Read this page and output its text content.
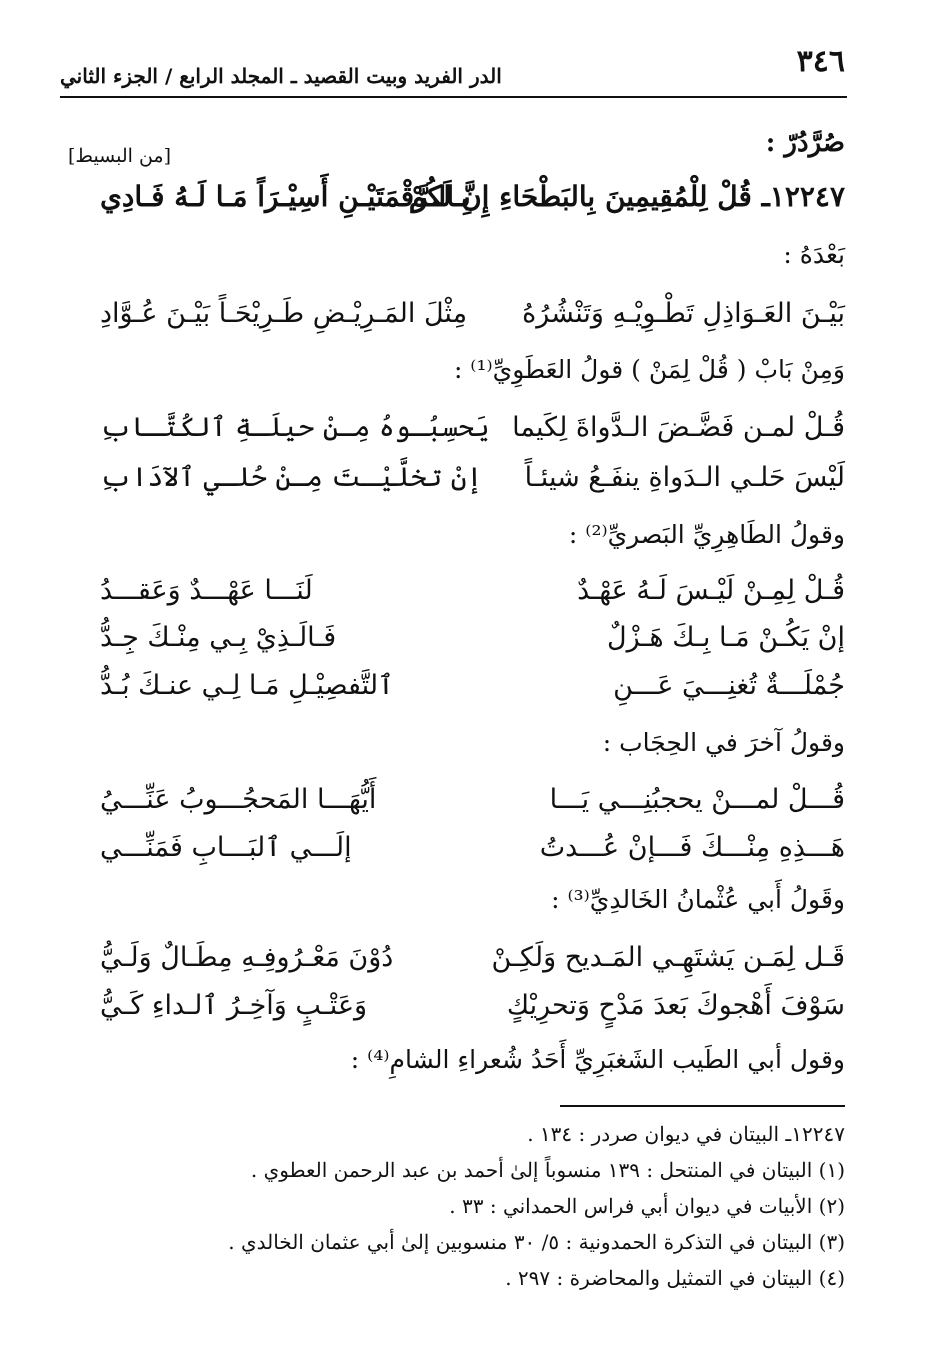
٣٤٦
الدر الفريد وبيت القصيد ـ المجلد الرابع / الجزء الثاني
صُرَّدُرّ :
[من البسيط]
١٢٢٤٧ـ قُلْ لِلْمُقِيمِينَ بِالبَطْحَاءِ إِنَّ لَكُمْ
بِـالـرَّقْمَتَيْـنِ أَسِيْـرَاً مَـا لَـهُ فَـادِي
بَعْدَهُ :
بَيْـنَ العَـوَاذِلِ تَطْـوِيْـهِ وَتَنْشُرُهُ
مِثْلَ المَـرِيْـضِ طَـرِيْحَـاً بَيْـنَ عُـوَّادِ
وَمِنْ بَابْ ( قُلْ لِمَنْ ) قولُ العَطَوِيِّ⁽¹⁾ :
قُـلْ لمـن فَضَّـضَ الـدَّواةَ لِكَيما
يَحسِبُـوهُ مِـنْ حيلَـةِ ٱلكُتَّـابِ
لَيْسَ حَلـي الـدَواةِ ينفَـعُ شيئـاً
إنْ تخلَّيْـتَ مِـنْ حُلـي ٱلآدَابِ
وقولُ الطَاهِرِيِّ البَصريِّ⁽²⁾ :
قُـلْ لِمِـنْ لَيْـسَ لَـهُ عَهْـدٌ
لَنَـــا عَهْـــدٌ وَعَقـــدُ
إنْ يَكُـنْ مَـا بِـكَ هَـزْلٌ
فَـالَـذِيْ بِـي مِنْـكَ جِـدُّ
جُمْلَـــةٌ تُغنِـــيَ عَـــنِ
ٱلتَّفصِيْـلِ مَـا لِـي عنـكَ بُـدُّ
وقولُ آخرَ في الحِجَاب :
قُـــلْ لمـــنْ يحجبُنِـــي يَـــا
أَيُّهَـــا المَحجُـــوبُ عَنِّـــيُ
هَـــذِهِ مِنْـــكَ فَـــإنْ عُـــدتُ
إلَـــي ٱلبَـــابِ فَمَنِّـــي
وقَولُ أَبي عُثْمانُ الخَالدِيِّ⁽³⁾ :
قَـل لِمَـن يَشتَهِـي المَـديح وَلَكِـنْ
دُوْنَ مَعْـرُوفِـهِ مِطَـالٌ وَلَـيُّ
سَوْفَ أَهْجوكَ بَعدَ مَدْحٍ وَتحرِيْكٍ
وَعَتْـبٍ وَآخِـرُ ٱلـداءِ كَـيُّ
وقول أبي الطَيب الشَغبَرِيِّ أَحَدُ شُعراءِ الشامِ⁽⁴⁾ :
١٢٢٤٧ـ البيتان في ديوان صردر : ١٣٤ .
(١) البيتان في المنتحل : ١٣٩ منسوباً إلىٰ أحمد بن عبد الرحمن العطوي .
(٢) الأبيات في ديوان أبي فراس الحمداني : ٣٣ .
(٣) البيتان في التذكرة الحمدونية : ٥/ ٣٠ منسوبين إلىٰ أبي عثمان الخالدي .
(٤) البيتان في التمثيل والمحاضرة : ٢٩٧ .
